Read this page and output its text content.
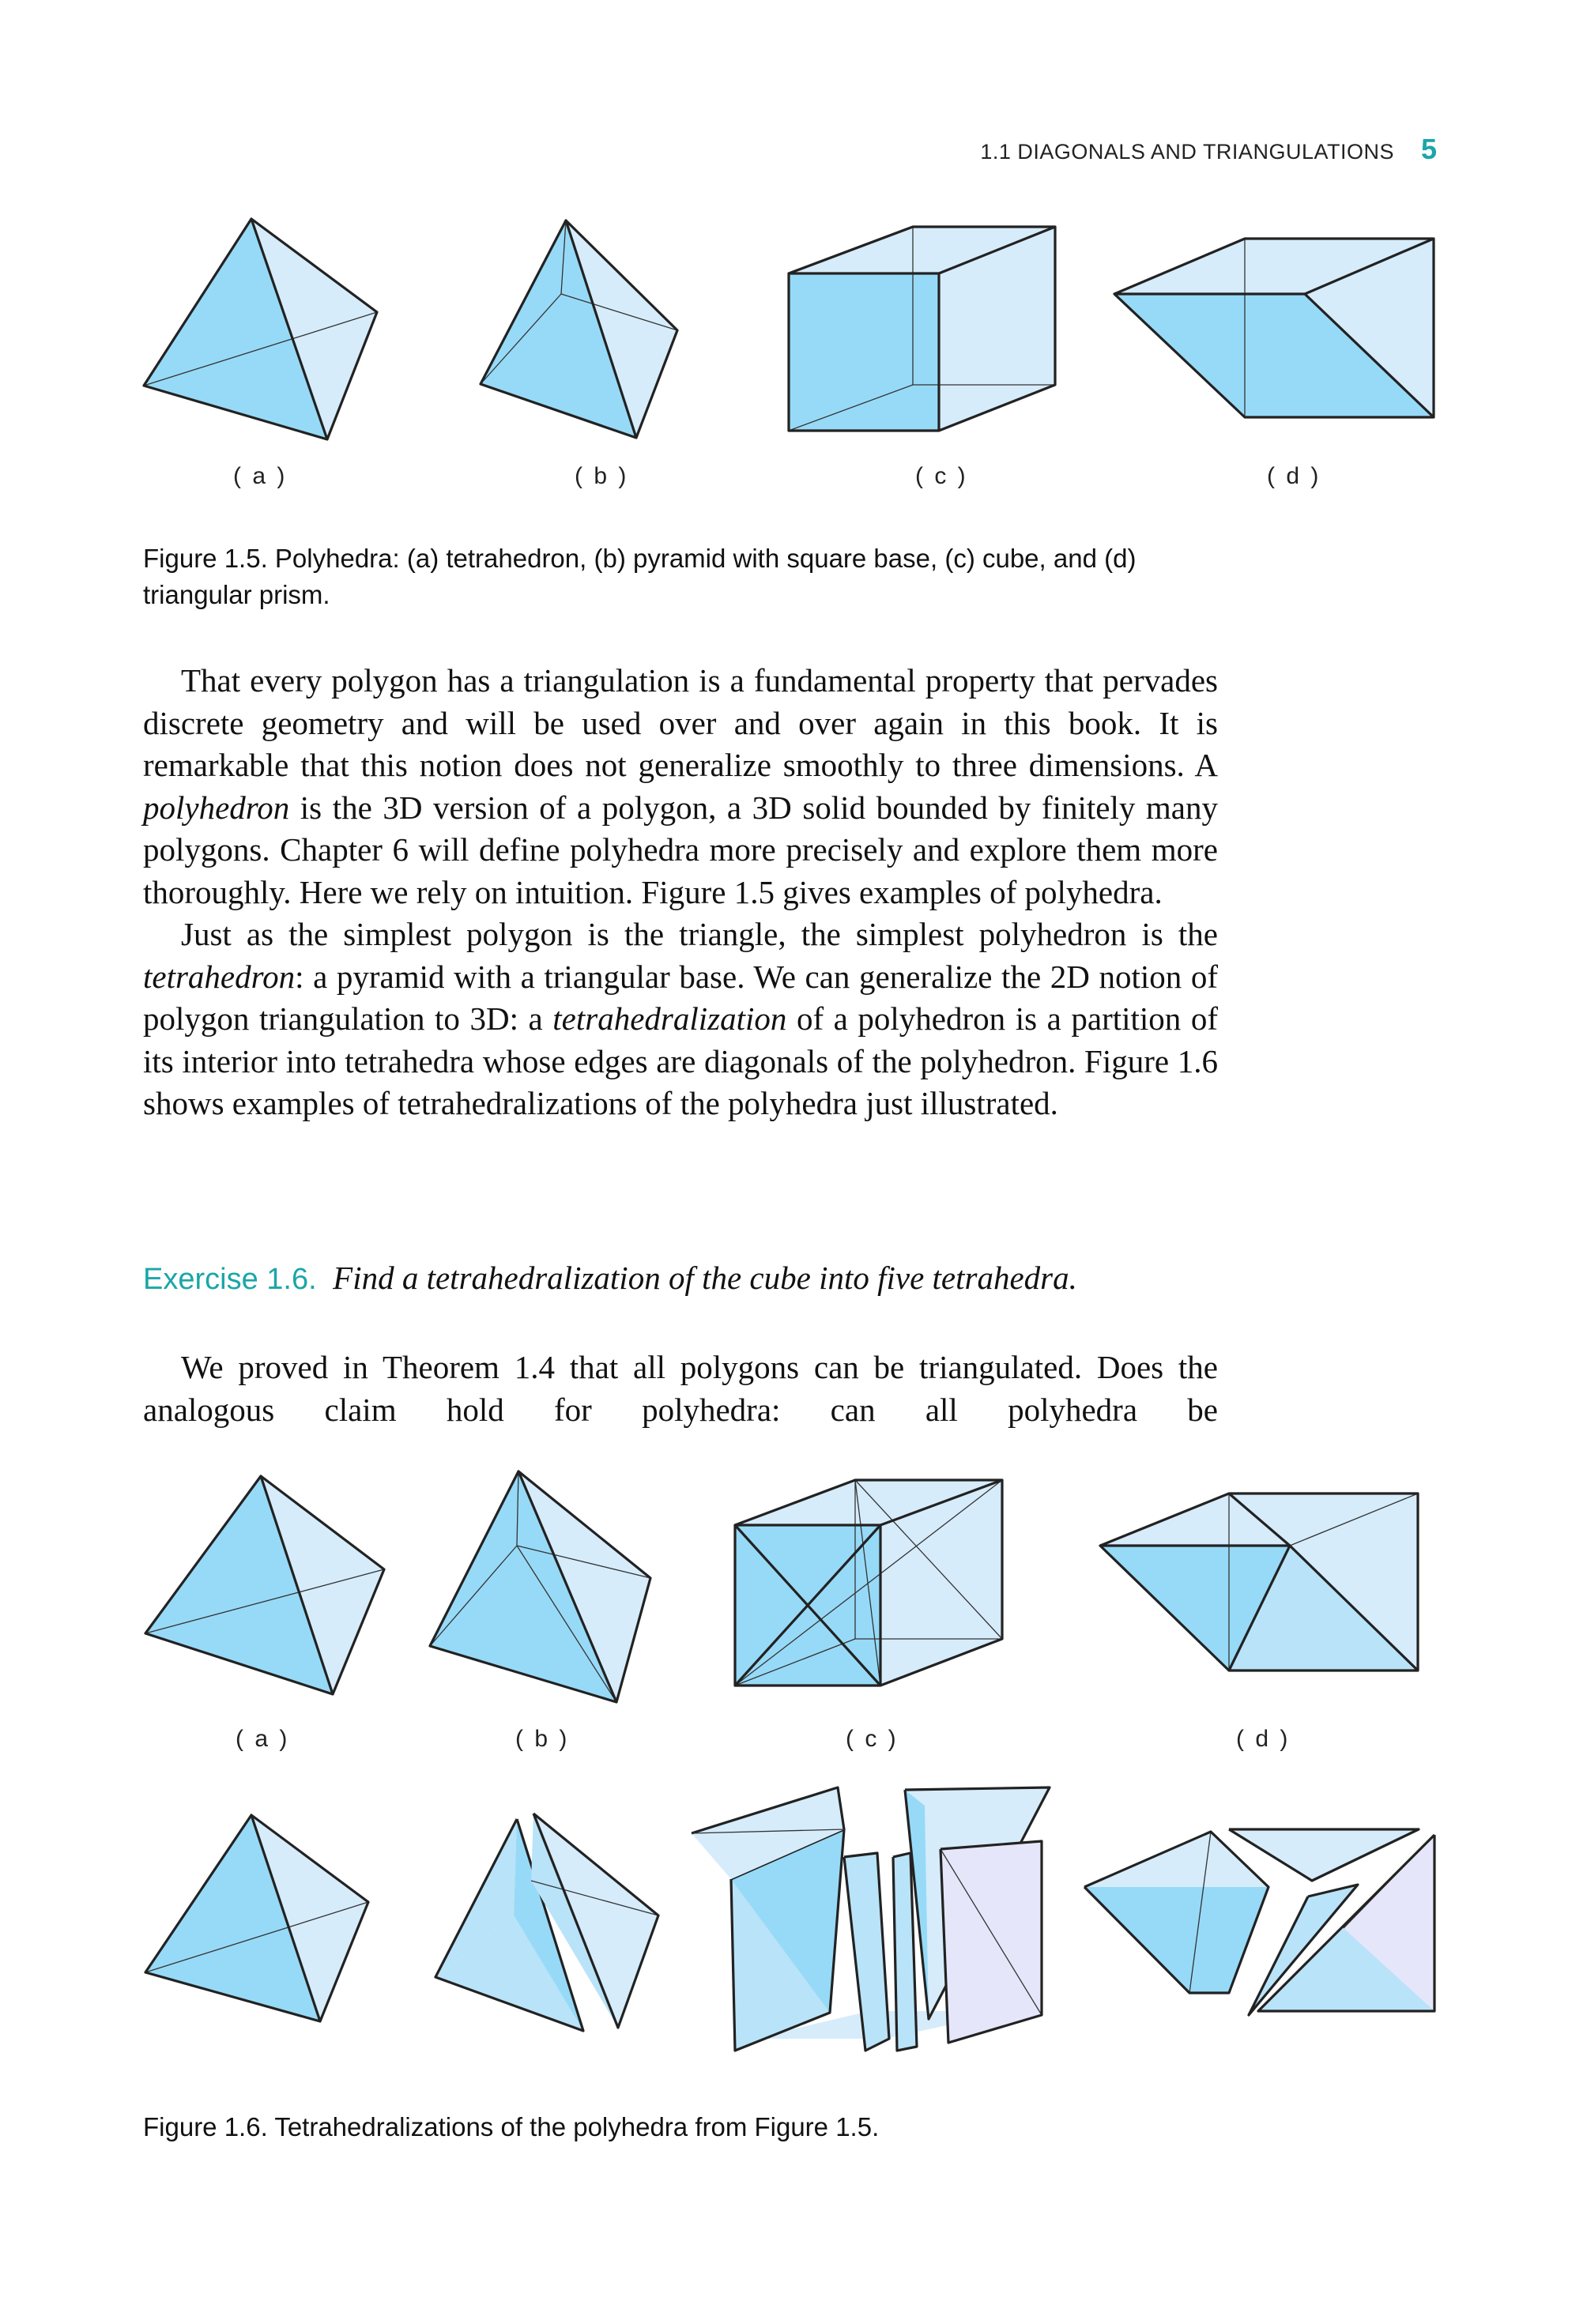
1.1 DIAGONALS AND TRIANGULATIONS 5
( a )	( b )	( c )	( d )
Figure 1.5. Polyhedra: (a) tetrahedron, (b) pyramid with square base, (c) cube, and (d) triangular prism.

That every polygon has a triangulation is a fundamental property that pervades discrete geometry and will be used over and over again in this book. It is remarkable that this notion does not generalize smoothly to three dimensions. A polyhedron is the 3D version of a polygon, a 3D solid bounded by finitely many polygons. Chapter 6 will define polyhedra more precisely and explore them more thoroughly. Here we rely on intuition. Figure 1.5 gives examples of polyhedra.

Just as the simplest polygon is the triangle, the simplest polyhedron is the tetrahedron: a pyramid with a triangular base. We can generalize the 2D notion of polygon triangulation to 3D: a tetrahedralization of a polyhedron is a partition of its interior into tetrahedra whose edges are diagonals of the polyhedron. Figure 1.6 shows examples of tetrahedralizations of the polyhedra just illustrated.

Exercise 1.6. Find a tetrahedralization of the cube into five tetrahedra.

We proved in Theorem 1.4 that all polygons can be triangulated. Does the analogous claim hold for polyhedra: can all polyhedra be

( a )	( b )	( c )	( d )
Figure 1.6. Tetrahedralizations of the polyhedra from Figure 1.5.
